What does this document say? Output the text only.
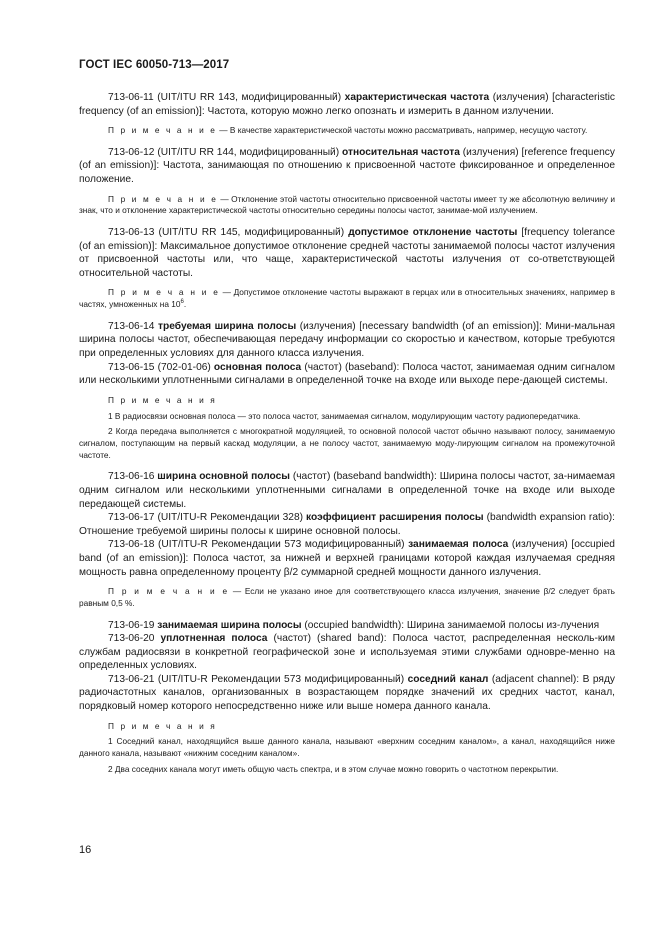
ГОСТ IEC 60050-713—2017

713-06-11 (UIT/ITU RR 143, модифицированный) характеристическая частота (излучения) [characteristic frequency (of an emission)]: Частота, которую можно легко опознать и измерить в данном излучении.

П р и м е ч а н и е — В качестве характеристической частоты можно рассматривать, например, несущую частоту.

713-06-12 (UIT/ITU RR 144, модифицированный) относительная частота (излучения) [reference frequency (of an emission)]: Частота, занимающая по отношению к присвоенной частоте фиксированное и определенное положение.

П р и м е ч а н и е — Отклонение этой частоты относительно присвоенной частоты имеет ту же абсолютную величину и знак, что и отклонение характеристической частоты относительно середины полосы частот, занимае-мой излучением.

713-06-13 (UIT/ITU RR 145, модифицированный) допустимое отклонение частоты [frequency tolerance (of an emission)]: Максимальное допустимое отклонение средней частоты занимаемой полосы частот излучения от присвоенной частоты или, что чаще, характеристической частоты излучения от со-ответствующей относительной частоты.

П р и м е ч а н и е — Допустимое отклонение частоты выражают в герцах или в относительных значениях, например в частях, умноженных на $10^6$.

713-06-14 требуемая ширина полосы (излучения) [necessary bandwidth (of an emission)]: Мини-мальная ширина полосы частот, обеспечивающая передачу информации со скоростью и качеством, которые требуются при определенных условиях для данного класса излучения.

713-06-15 (702-01-06) основная полоса (частот) (baseband): Полоса частот, занимаемая одним сигналом или несколькими уплотненными сигналами в определенной точке на входе или выходе пере-дающей системы.

П р и м е ч а н и я

1 В радиосвязи основная полоса — это полоса частот, занимаемая сигналом, модулирующим частоту радиопередатчика.

2 Когда передача выполняется с многократной модуляцией, то основной полосой частот обычно называют полосу, занимаемую сигналом, поступающим на первый каскад модуляции, а не полосу частот, занимаемую моду-лирующим сигналом на промежуточной частоте.

713-06-16 ширина основной полосы (частот) (baseband bandwidth): Ширина полосы частот, за-нимаемая одним сигналом или несколькими уплотненными сигналами в определенной точке на входе или выходе передающей системы.

713-06-17 (UIT/ITU-R Рекомендации 328) коэффициент расширения полосы (bandwidth expansion ratio): Отношение требуемой ширины полосы к ширине основной полосы.

713-06-18 (UIT/ITU-R Рекомендации 573 модифицированный) занимаемая полоса (излучения) [occupied band (of an emission)]: Полоса частот, за нижней и верхней границами которой каждая излучаемая средняя мощность равна определенному проценту β/2 суммарной средней мощности данного излучения.

П р и м е ч а н и е — Если не указано иное для соответствующего класса излучения, значение β/2 следует брать равным 0,5 %.

713-06-19 занимаемая ширина полосы (occupied bandwidth): Ширина занимаемой полосы из-лучения

713-06-20 уплотненная полоса (частот) (shared band): Полоса частот, распределенная несколь-ким службам радиосвязи в конкретной географической зоне и используемая этими службами одновре-менно на определенных условиях.

713-06-21 (UIT/ITU-R Рекомендации 573 модифицированный) соседний канал (adjacent channel): В ряду радиочастотных каналов, организованных в возрастающем порядке значений их средних частот, канал, порядковый номер которого непосредственно ниже или выше номера данного канала.

П р и м е ч а н и я

1 Соседний канал, находящийся выше данного канала, называют «верхним соседним каналом», а канал, находящийся ниже данного канала, называют «нижним соседним каналом».

2 Два соседних канала могут иметь общую часть спектра, и в этом случае можно говорить о частотном перекрытии.

16
